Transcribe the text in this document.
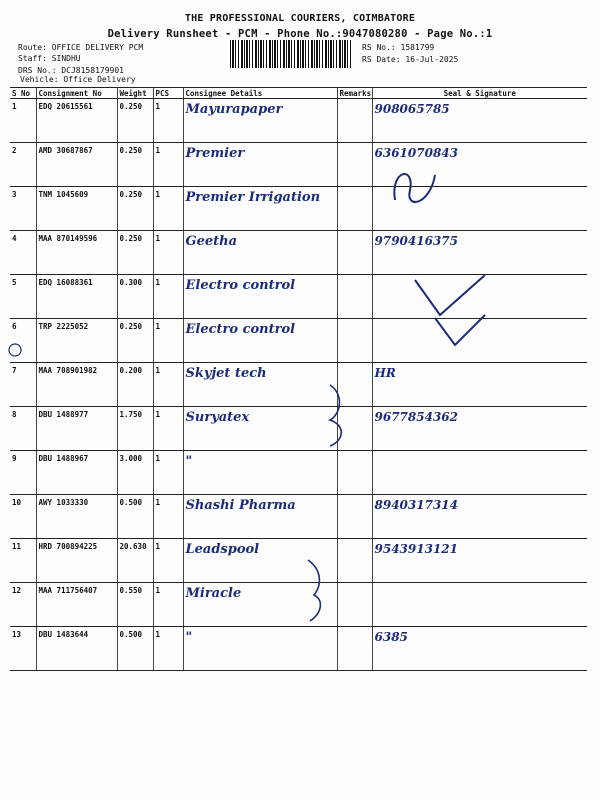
THE PROFESSIONAL COURIERS, COIMBATORE
Delivery Runsheet - PCM - Phone No.:9047080280 - Page No.:1
Route: OFFICE DELIVERY PCM
Staff: SINDHU
DRS No.: DCJ8158179901
Vehicle: Office Delivery
RS No.: 1581799
RS Date: 16-Jul-2025
S No	Consignment No	Weight	PCS	Consignee Details	Remarks	Seal & Signature
1	EDQ 20615561	0.250	1	Mayurapaper		908065785
2	AMD 30687867	0.250	1	Premier		6361070843
3	TNM 1045609	0.250	1	Premier Irrigation		
4	MAA 870149596	0.250	1	Geetha		9790416375
5	EDQ 16088361	0.300	1	Electro control		
6	TRP 2225052	0.250	1	Electro control		
7	MAA 708901982	0.200	1	Skyjet tech		HR
8	DBU 1488977	1.750	1	Suryatex		9677854362
9	DBU 1488967	3.000	1	"		
10	AWY 1033330	0.500	1	Shashi Pharma		8940317314
11	HRD 700894225	20.630	1	Leadspool		9543913121
12	MAA 711756407	0.550	1	Miracle		
13	DBU 1483644	0.500	1	"		6385
